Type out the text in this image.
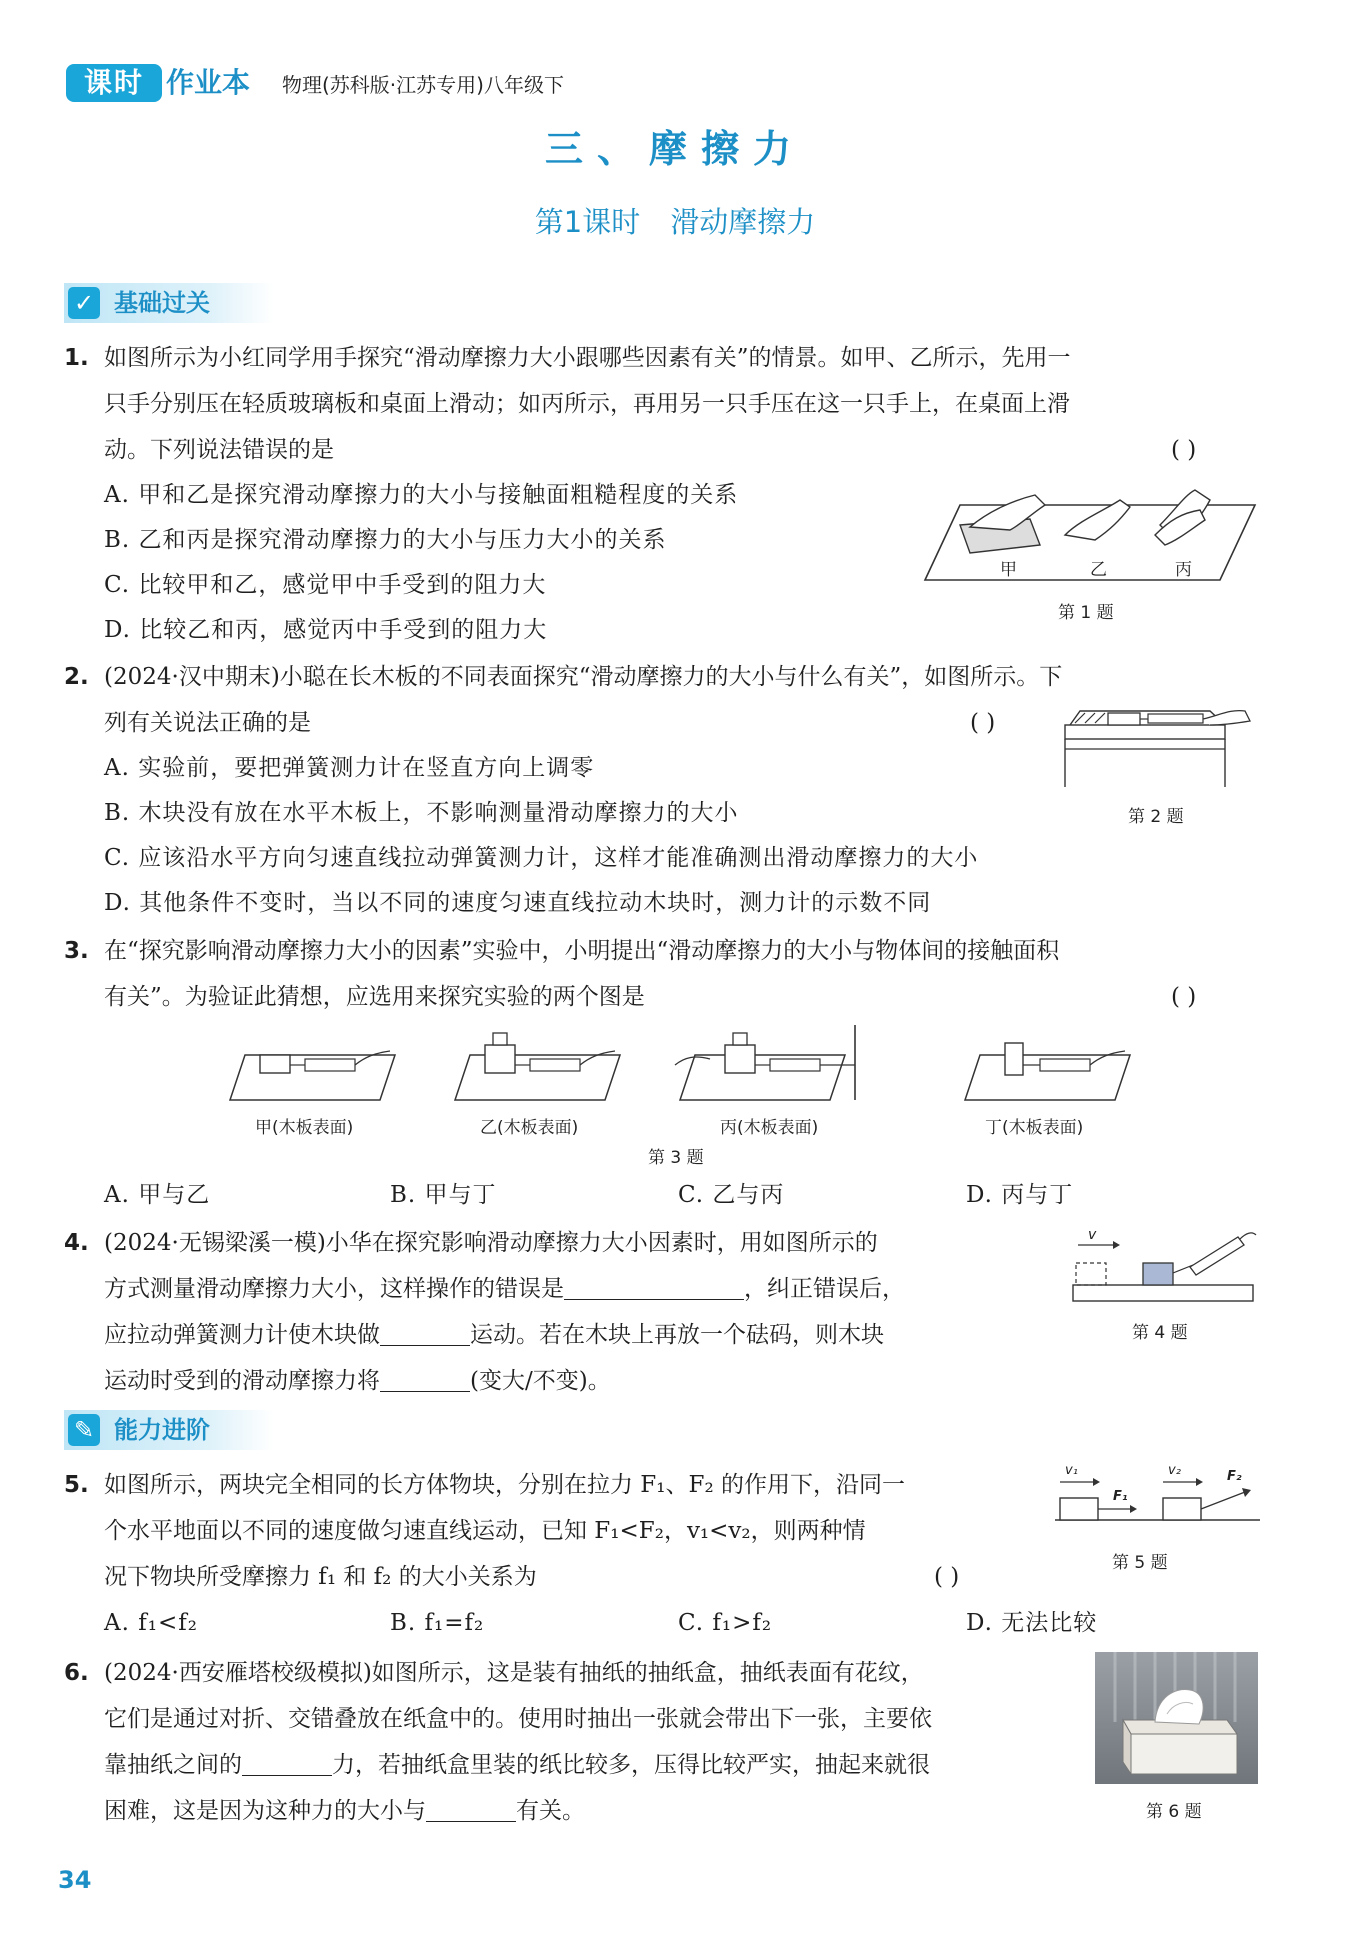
课时 作业本 物理(苏科版·江苏专用)八年级下
三、摩擦力
第1课时 滑动摩擦力
✓ 基础过关
1. 如图所示为小红同学用手探究“滑动摩擦力大小跟哪些因素有关”的情景。如甲、乙所示，先用一
只手分别压在轻质玻璃板和桌面上滑动；如丙所示，再用另一只手压在这一只手上，在桌面上滑
动。下列说法错误的是	( )
A. 甲和乙是探究滑动摩擦力的大小与接触面粗糙程度的关系
B. 乙和丙是探究滑动摩擦力的大小与压力大小的关系
C. 比较甲和乙，感觉甲中手受到的阻力大
D. 比较乙和丙，感觉丙中手受到的阻力大
甲	乙	丙
第 1 题
2. (2024·汉中期末)小聪在长木板的不同表面探究“滑动摩擦力的大小与什么有关”，如图所示。下
列有关说法正确的是	( )
A. 实验前，要把弹簧测力计在竖直方向上调零
B. 木块没有放在水平木板上，不影响测量滑动摩擦力的大小
C. 应该沿水平方向匀速直线拉动弹簧测力计，这样才能准确测出滑动摩擦力的大小
D. 其他条件不变时，当以不同的速度匀速直线拉动木块时，测力计的示数不同
第 2 题
3. 在“探究影响滑动摩擦力大小的因素”实验中，小明提出“滑动摩擦力的大小与物体间的接触面积
有关”。为验证此猜想，应选用来探究实验的两个图是	( )
甲(木板表面)	乙(木板表面)	丙(木板表面)	丁(木板表面)
第 3 题
A. 甲与乙	B. 甲与丁	C. 乙与丙	D. 丙与丁
4. (2024·无锡梁溪一模)小华在探究影响滑动摩擦力大小因素时，用如图所示的
方式测量滑动摩擦力大小，这样操作的错误是	，纠正错误后，
应拉动弹簧测力计使木块做	运动。若在木块上再放一个砝码，则木块
运动时受到的滑动摩擦力将	(变大/不变)。
v
第 4 题
✎ 能力进阶
5. 如图所示，两块完全相同的长方体物块，分别在拉力 F₁、F₂ 的作用下，沿同一
个水平地面以不同的速度做匀速直线运动，已知 F₁<F₂，v₁<v₂，则两种情
况下物块所受摩擦力 f₁ 和 f₂ 的大小关系为	( )
v₁
F₁
v₂	F₂
第 5 题
A. f₁<f₂	B. f₁=f₂	C. f₁>f₂	D. 无法比较
6. (2024·西安雁塔校级模拟)如图所示，这是装有抽纸的抽纸盒，抽纸表面有花纹，
它们是通过对折、交错叠放在纸盒中的。使用时抽出一张就会带出下一张，主要依
靠抽纸之间的	力，若抽纸盒里装的纸比较多，压得比较严实，抽起来就很
困难，这是因为这种力的大小与	有关。	第 6 题
34
